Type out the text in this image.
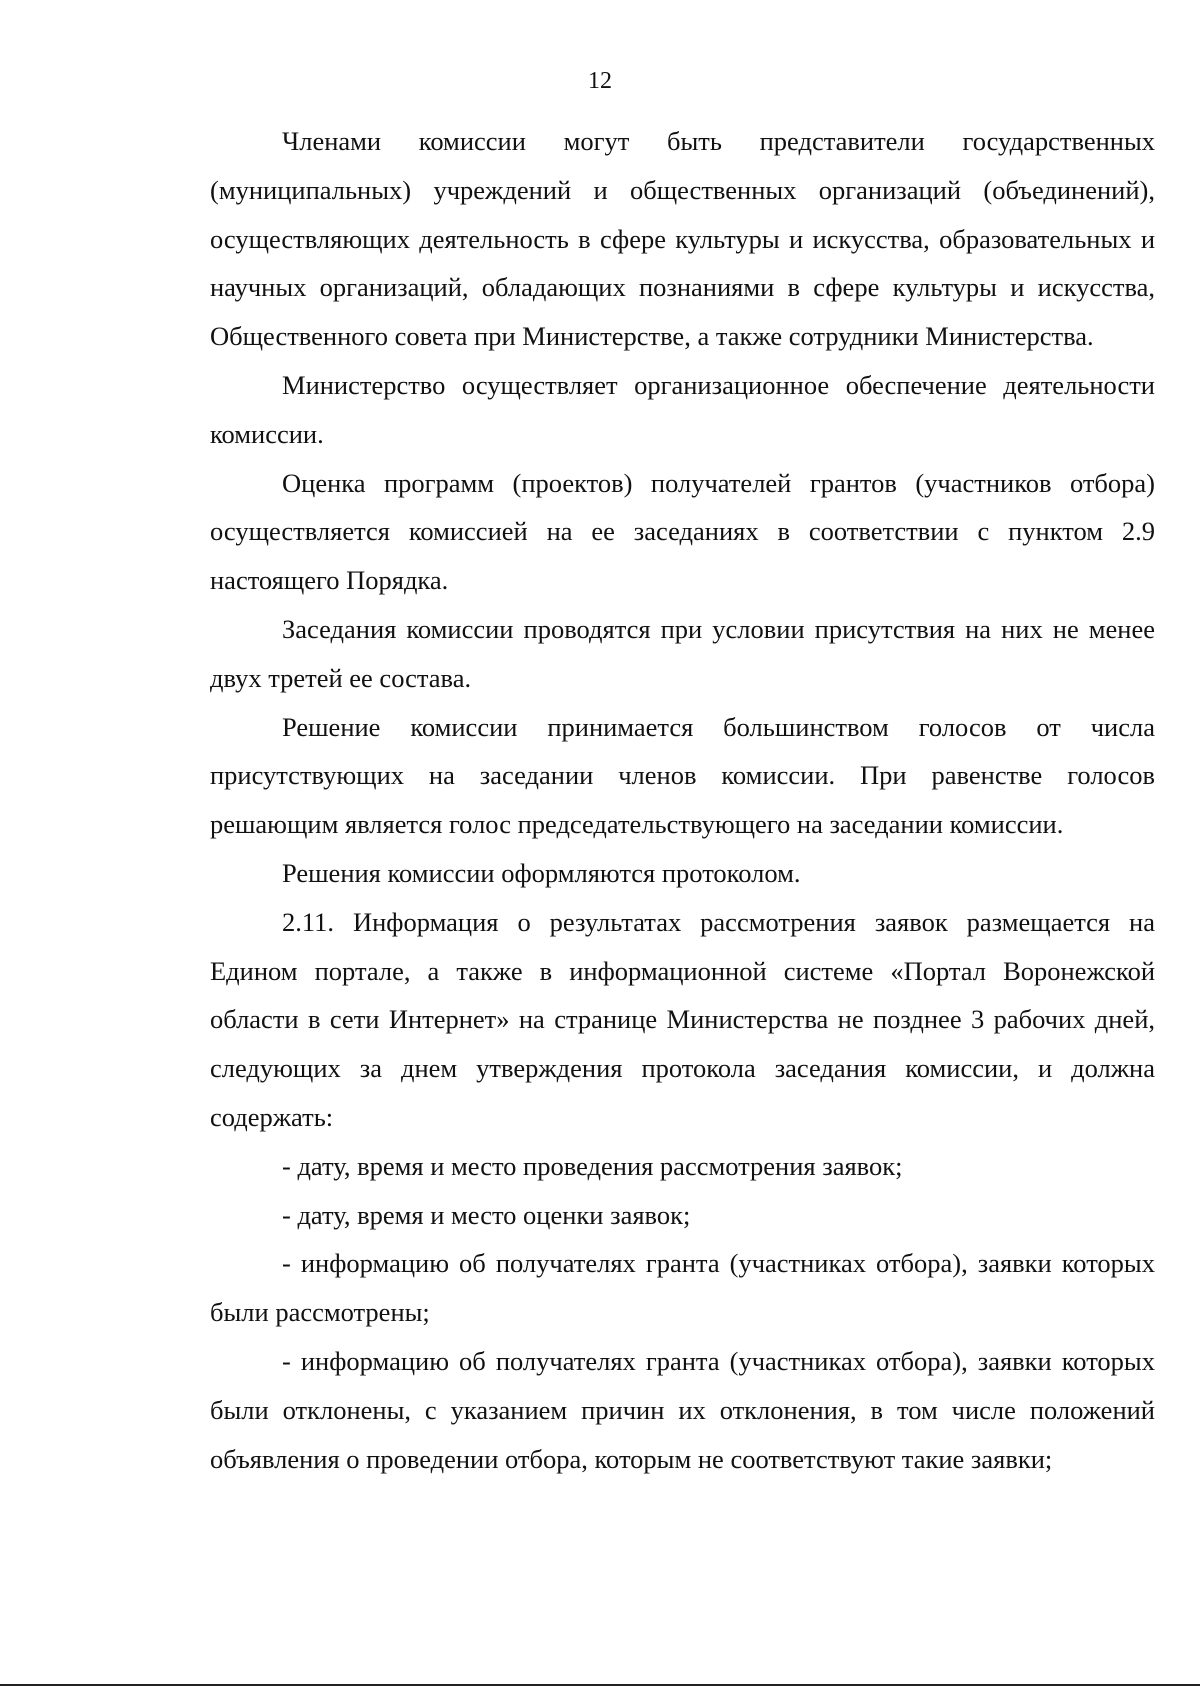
12

Членами комиссии могут быть представители государственных (муниципальных) учреждений и общественных организаций (объединений), осуществляющих деятельность в сфере культуры и искусства, образовательных и научных организаций, обладающих познаниями в сфере культуры и искусства, Общественного совета при Министерстве, а также сотрудники Министерства.

Министерство осуществляет организационное обеспечение деятельности комиссии.

Оценка программ (проектов) получателей грантов (участников отбора) осуществляется комиссией на ее заседаниях в соответствии с пунктом 2.9 настоящего Порядка.

Заседания комиссии проводятся при условии присутствия на них не менее двух третей ее состава.

Решение комиссии принимается большинством голосов от числа присутствующих на заседании членов комиссии. При равенстве голосов решающим является голос председательствующего на заседании комиссии.

Решения комиссии оформляются протоколом.

2.11. Информация о результатах рассмотрения заявок размещается на Едином портале, а также в информационной системе «Портал Воронежской области в сети Интернет» на странице Министерства не позднее 3 рабочих дней, следующих за днем утверждения протокола заседания комиссии, и должна содержать:

- дату, время и место проведения рассмотрения заявок;

- дату, время и место оценки заявок;

- информацию об получателях гранта (участниках отбора), заявки которых были рассмотрены;

- информацию об получателях гранта (участниках отбора), заявки которых были отклонены, с указанием причин их отклонения, в том числе положений объявления о проведении отбора, которым не соответствуют такие заявки;
